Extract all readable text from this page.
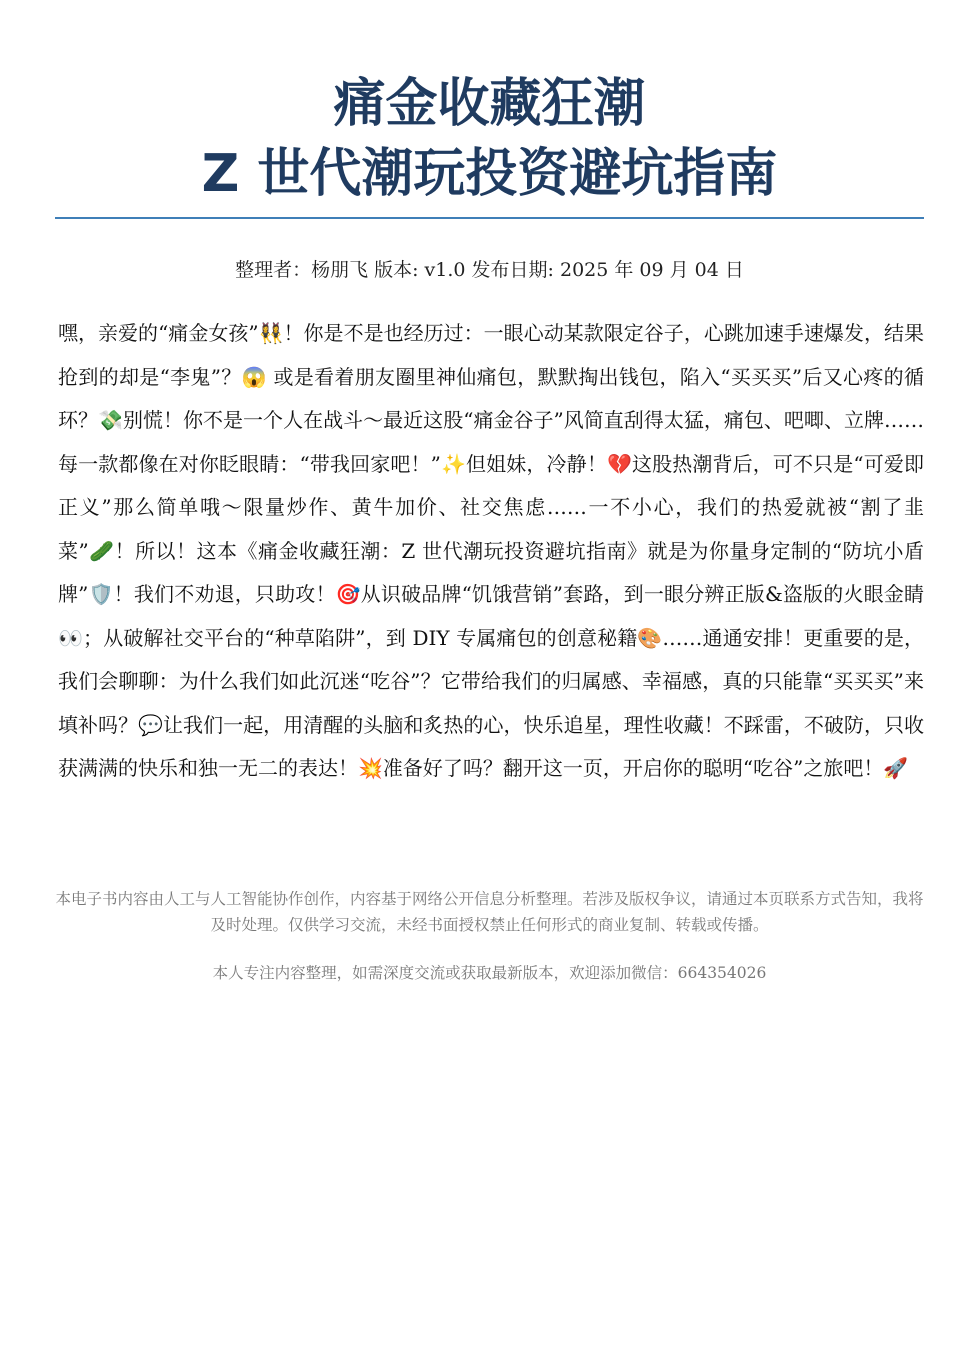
痛金收藏狂潮
Z 世代潮玩投资避坑指南
整理者：杨朋飞 版本: v1.0 发布日期: 2025 年 09 月 04 日

嘿，亲爱的“痛金女孩”👯‍♀️！你是不是也经历过：一眼心动某款限定谷子，心跳加速手速爆发，结果抢到的却是“李鬼”？😱 或是看着朋友圈里神仙痛包，默默掏出钱包，陷入“买买买”后又心疼的循环？💸别慌！你不是一个人在战斗～最近这股“痛金谷子”风简直刮得太猛，痛包、吧唧、立牌……每一款都像在对你眨眼睛：“带我回家吧！”✨但姐妹，冷静！💔这股热潮背后，可不只是“可爱即正义”那么简单哦～限量炒作、黄牛加价、社交焦虑……一不小心，我们的热爱就被“割了韭菜”🥒！所以！这本《痛金收藏狂潮：Z 世代潮玩投资避坑指南》就是为你量身定制的“防坑小盾牌”🛡️！我们不劝退，只助攻！🎯从识破品牌“饥饿营销”套路，到一眼分辨正版&盗版的火眼金睛👀；从破解社交平台的“种草陷阱”，到 DIY 专属痛包的创意秘籍🎨……通通安排！更重要的是，我们会聊聊：为什么我们如此沉迷“吃谷”？它带给我们的归属感、幸福感，真的只能靠“买买买”来填补吗？💬让我们一起，用清醒的头脑和炙热的心，快乐追星，理性收藏！不踩雷，不破防，只收获满满的快乐和独一无二的表达！💥准备好了吗？翻开这一页，开启你的聪明“吃谷”之旅吧！🚀

本电子书内容由人工与人工智能协作创作，内容基于网络公开信息分析整理。若涉及版权争议，请通过本页联系方式告知，我将及时处理。仅供学习交流，未经书面授权禁止任何形式的商业复制、转载或传播。

本人专注内容整理，如需深度交流或获取最新版本，欢迎添加微信：664354026
